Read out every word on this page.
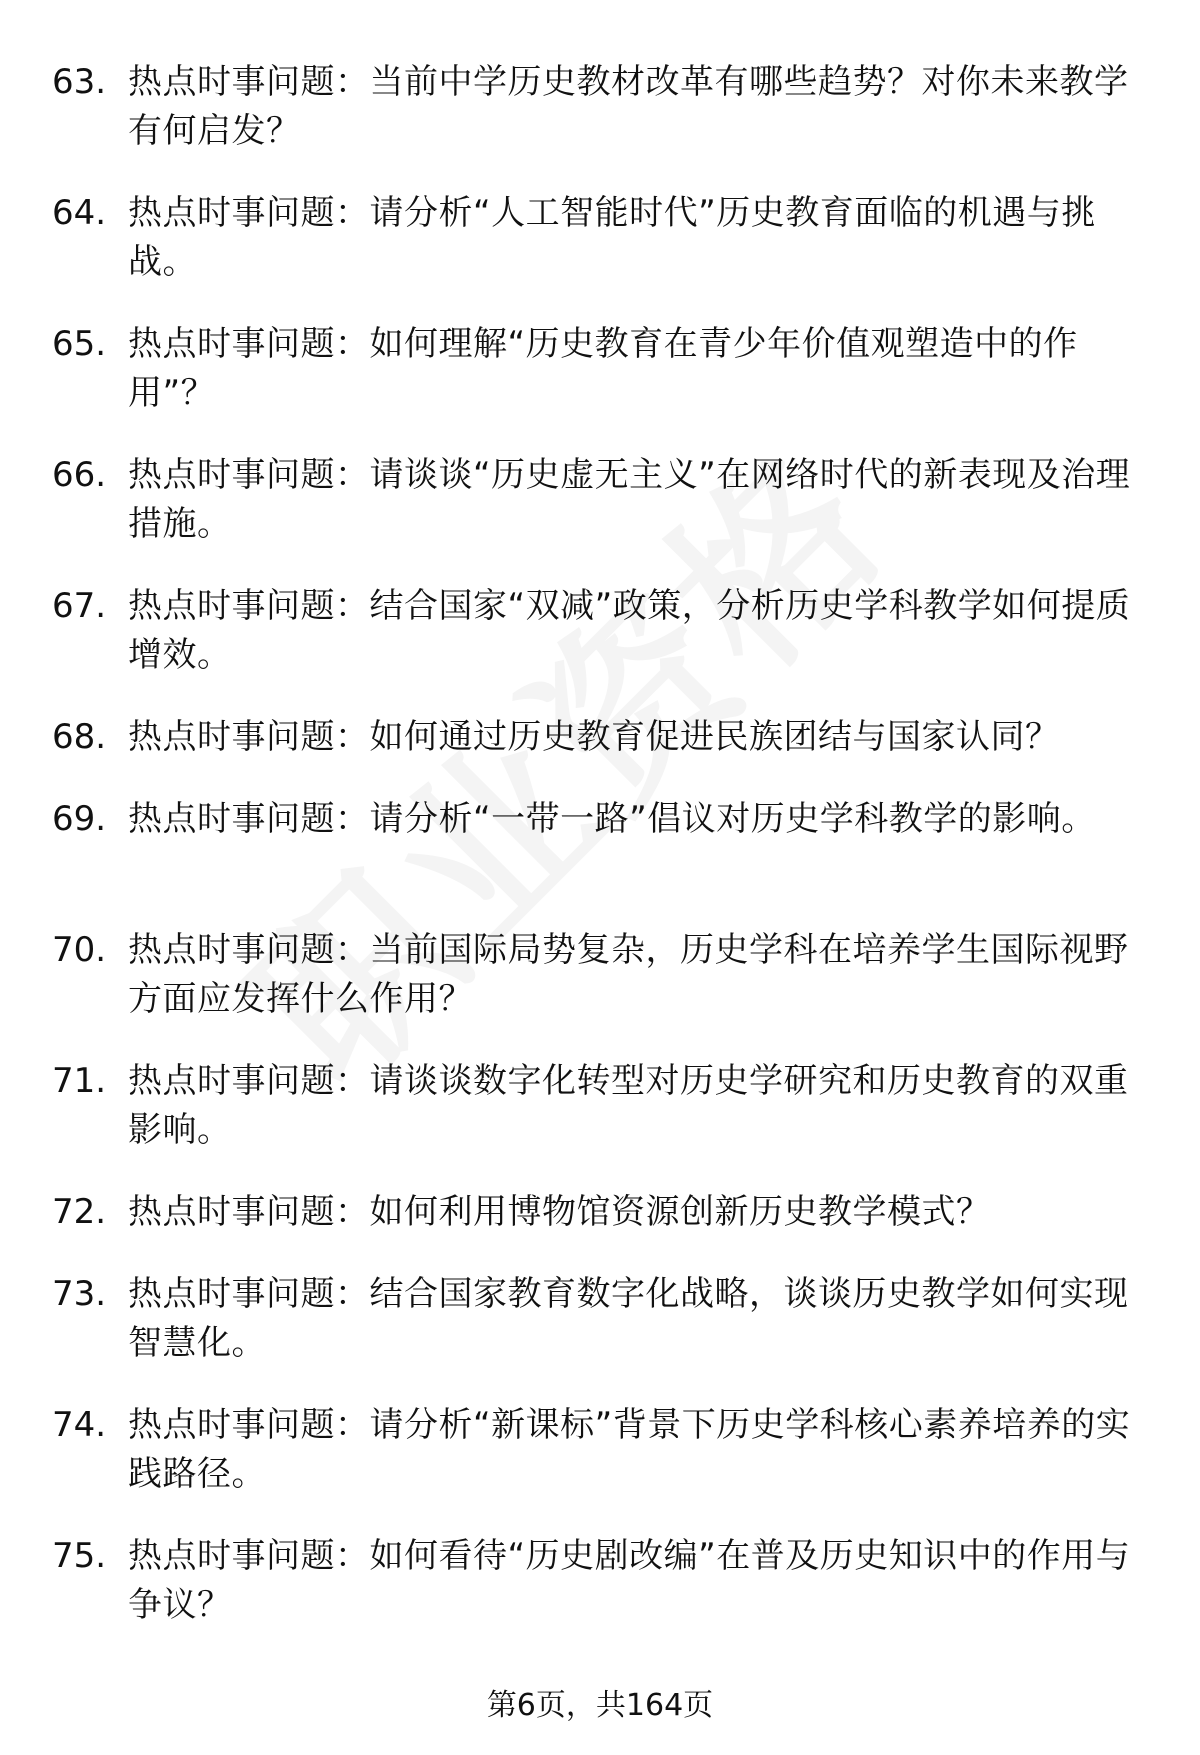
63. 热点时事问题：当前中学历史教材改革有哪些趋势？对你未来教学有何启发？
64. 热点时事问题：请分析“人工智能时代”历史教育面临的机遇与挑战。
65. 热点时事问题：如何理解“历史教育在青少年价值观塑造中的作用”？
66. 热点时事问题：请谈谈“历史虚无主义”在网络时代的新表现及治理措施。
67. 热点时事问题：结合国家“双减”政策，分析历史学科教学如何提质增效。
68. 热点时事问题：如何通过历史教育促进民族团结与国家认同？
69. 热点时事问题：请分析“一带一路”倡议对历史学科教学的影响。
70. 热点时事问题：当前国际局势复杂，历史学科在培养学生国际视野方面应发挥什么作用？
71. 热点时事问题：请谈谈数字化转型对历史学研究和历史教育的双重影响。
72. 热点时事问题：如何利用博物馆资源创新历史教学模式？
73. 热点时事问题：结合国家教育数字化战略，谈谈历史教学如何实现智慧化。
74. 热点时事问题：请分析“新课标”背景下历史学科核心素养培养的实践路径。
75. 热点时事问题：如何看待“历史剧改编”在普及历史知识中的作用与争议？
第6页，共164页
